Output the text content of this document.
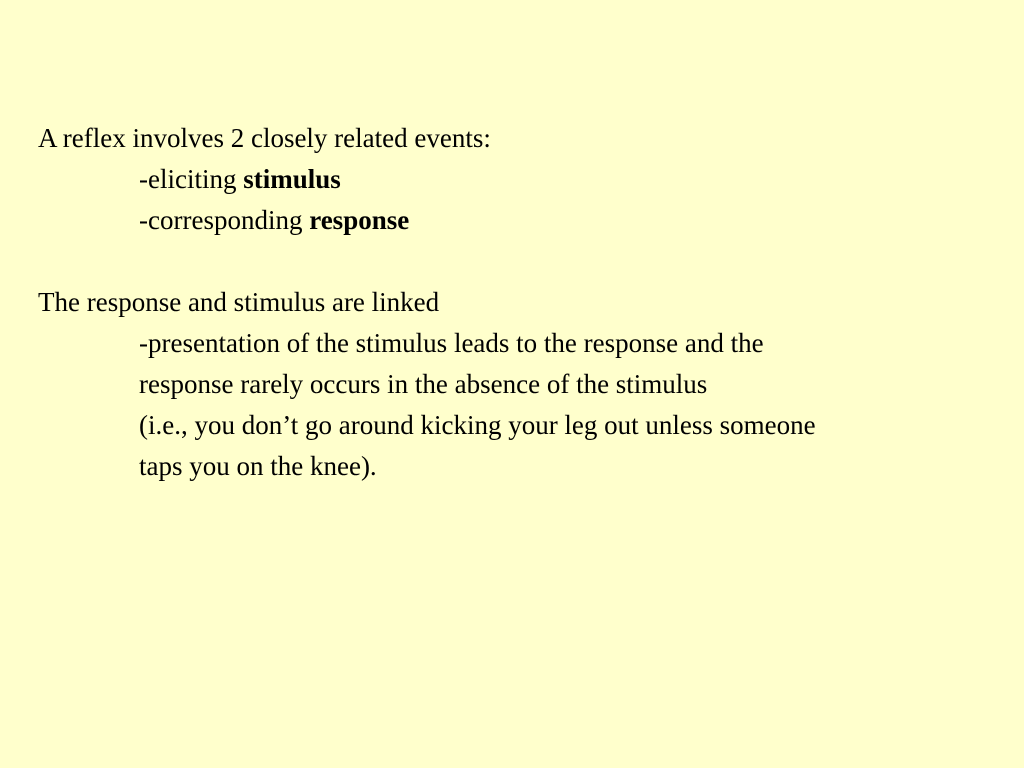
A reflex involves 2 closely related events:
-eliciting stimulus
-corresponding response
The response and stimulus are linked
-presentation of the stimulus leads to the response and the
response rarely occurs in the absence of the stimulus
(i.e., you don’t go around kicking your leg out unless someone
taps you on the knee).
